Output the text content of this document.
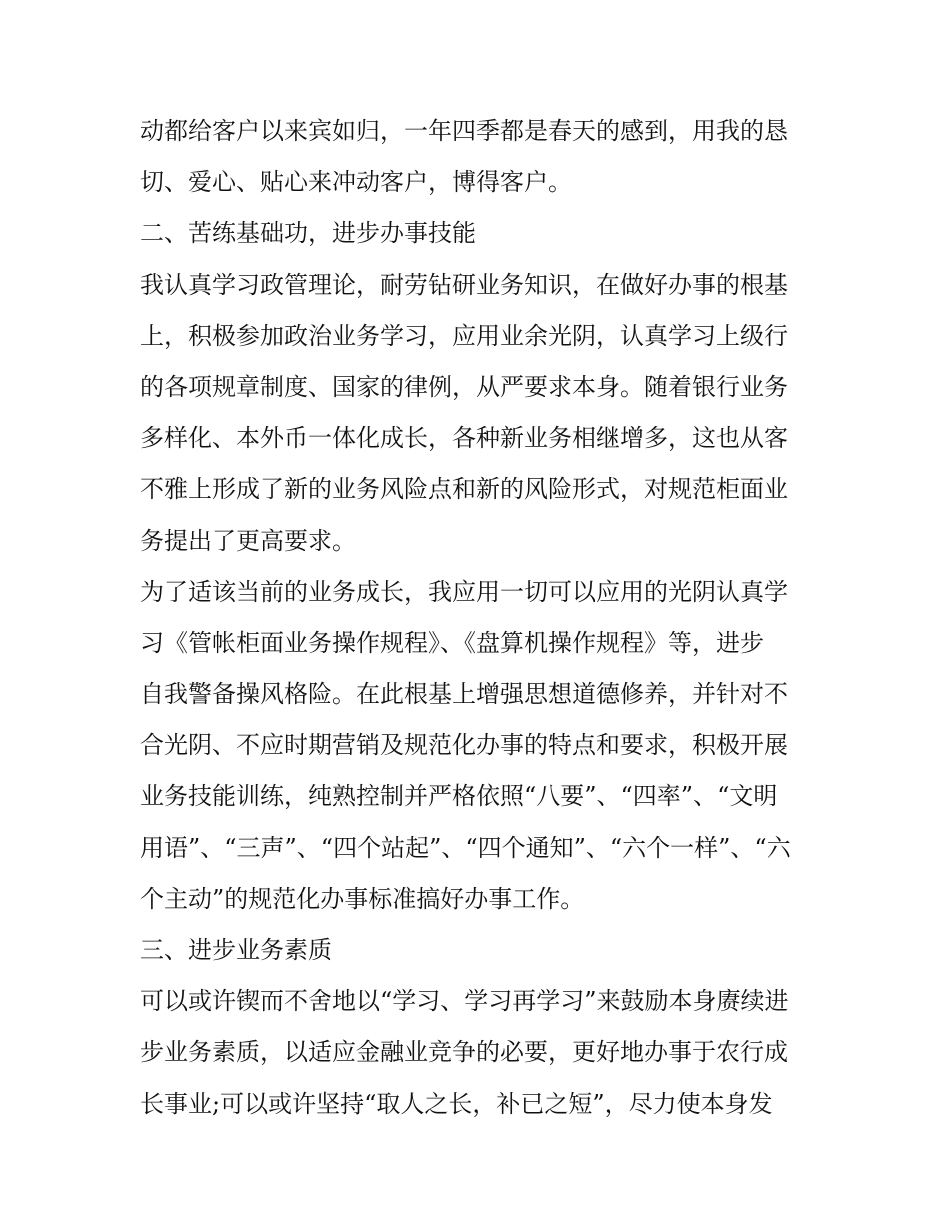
动都给客户以来宾如归，一年四季都是春天的感到，用我的恳
切、爱心、贴心来冲动客户，博得客户。
二、苦练基础功，进步办事技能
我认真学习政管理论，耐劳钻研业务知识，在做好办事的根基
上，积极参加政治业务学习，应用业余光阴，认真学习上级行
的各项规章制度、国家的律例，从严要求本身。随着银行业务
多样化、本外币一体化成长，各种新业务相继增多，这也从客
不雅上形成了新的业务风险点和新的风险形式，对规范柜面业
务提出了更高要求。
为了适该当前的业务成长，我应用一切可以应用的光阴认真学
习《管帐柜面业务操作规程》、《盘算机操作规程》等，进步
自我警备操风格险。在此根基上增强思想道德修养，并针对不
合光阴、不应时期营销及规范化办事的特点和要求，积极开展
业务技能训练，纯熟控制并严格依照“八要”、“四率”、“文明
用语”、“三声”、“四个站起”、“四个通知”、“六个一样”、“六
个主动”的规范化办事标准搞好办事工作。
三、进步业务素质
可以或许锲而不舍地以“学习、学习再学习”来鼓励本身赓续进
步业务素质，以适应金融业竞争的必要，更好地办事于农行成
长事业;可以或许坚持“取人之长，补已之短”，尽力使本身发
